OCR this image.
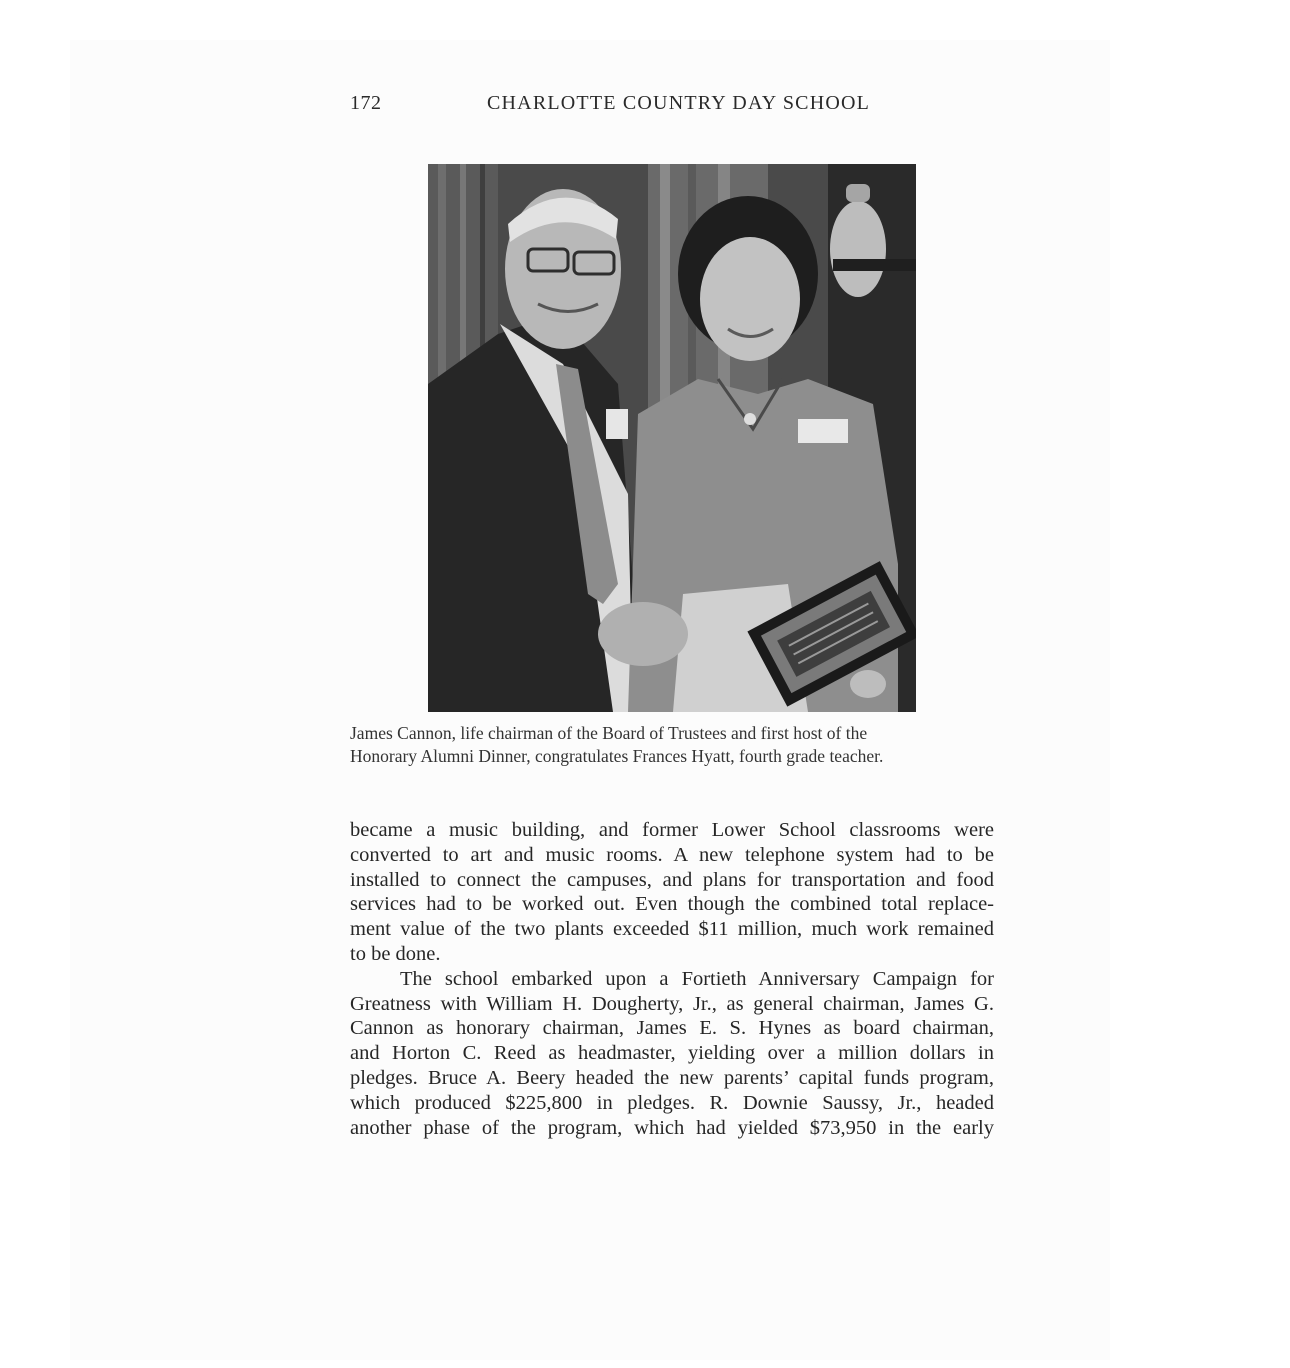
172	CHARLOTTE COUNTRY DAY SCHOOL
James Cannon, life chairman of the Board of Trustees and first host of the
Honorary Alumni Dinner, congratulates Frances Hyatt, fourth grade teacher.
became a music building, and former Lower School classrooms were
converted to art and music rooms. A new telephone system had to be
installed to connect the campuses, and plans for transportation and food
services had to be worked out. Even though the combined total replace-
ment value of the two plants exceeded $11 million, much work remained
to be done.
The school embarked upon a Fortieth Anniversary Campaign for
Greatness with William H. Dougherty, Jr., as general chairman, James G.
Cannon as honorary chairman, James E. S. Hynes as board chairman,
and Horton C. Reed as headmaster, yielding over a million dollars in
pledges. Bruce A. Beery headed the new parents’ capital funds program,
which produced $225,800 in pledges. R. Downie Saussy, Jr., headed
another phase of the program, which had yielded $73,950 in the early
